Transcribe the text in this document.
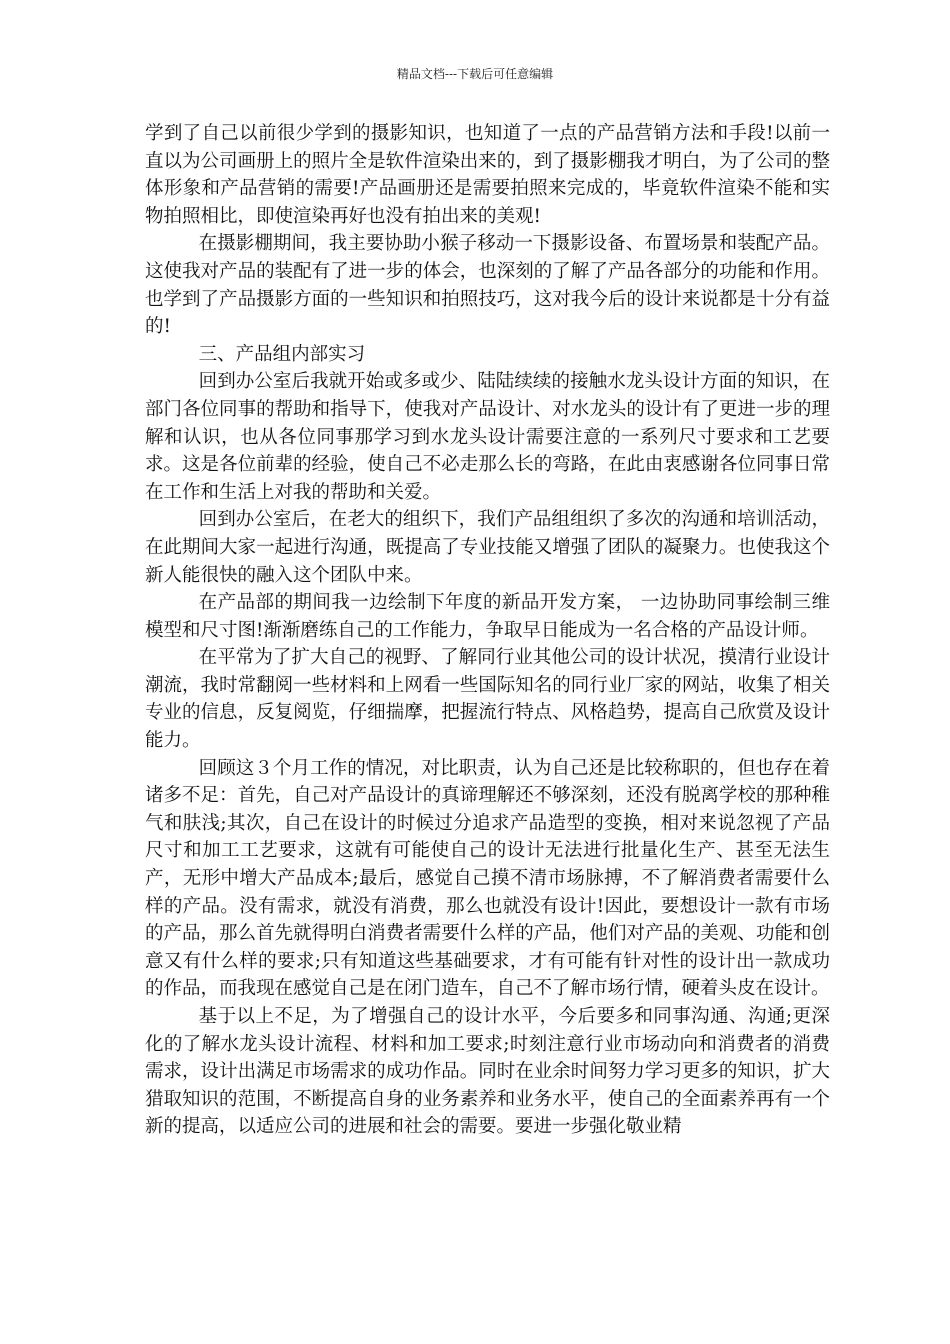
精品文档---下载后可任意编辑

学到了自己以前很少学到的摄影知识，也知道了一点的产品营销方法和手段!以前一直以为公司画册上的照片全是软件渲染出来的，到了摄影棚我才明白，为了公司的整体形象和产品营销的需要!产品画册还是需要拍照来完成的，毕竟软件渲染不能和实物拍照相比，即使渲染再好也没有拍出来的美观!

在摄影棚期间，我主要协助小猴子移动一下摄影设备、布置场景和装配产品。这使我对产品的装配有了进一步的体会，也深刻的了解了产品各部分的功能和作用。也学到了产品摄影方面的一些知识和拍照技巧，这对我今后的设计来说都是十分有益的!

三、产品组内部实习

回到办公室后我就开始或多或少、陆陆续续的接触水龙头设计方面的知识，在部门各位同事的帮助和指导下，使我对产品设计、对水龙头的设计有了更进一步的理解和认识，也从各位同事那学习到水龙头设计需要注意的一系列尺寸要求和工艺要求。这是各位前辈的经验，使自己不必走那么长的弯路，在此由衷感谢各位同事日常在工作和生活上对我的帮助和关爱。

回到办公室后，在老大的组织下，我们产品组组织了多次的沟通和培训活动，在此期间大家一起进行沟通，既提高了专业技能又增强了团队的凝聚力。也使我这个新人能很快的融入这个团队中来。

在产品部的期间我一边绘制下年度的新品开发方案， 一边协助同事绘制三维模型和尺寸图!渐渐磨练自己的工作能力，争取早日能成为一名合格的产品设计师。

在平常为了扩大自己的视野、了解同行业其他公司的设计状况，摸清行业设计潮流，我时常翻阅一些材料和上网看一些国际知名的同行业厂家的网站，收集了相关专业的信息，反复阅览，仔细揣摩，把握流行特点、风格趋势，提高自己欣赏及设计能力。

回顾这３个月工作的情况，对比职责，认为自己还是比较称职的，但也存在着诸多不足：首先，自己对产品设计的真谛理解还不够深刻，还没有脱离学校的那种稚气和肤浅;其次，自己在设计的时候过分追求产品造型的变换，相对来说忽视了产品尺寸和加工工艺要求，这就有可能使自己的设计无法进行批量化生产、甚至无法生产，无形中增大产品成本;最后，感觉自己摸不清市场脉搏，不了解消费者需要什么样的产品。没有需求，就没有消费，那么也就没有设计!因此，要想设计一款有市场的产品，那么首先就得明白消费者需要什么样的产品，他们对产品的美观、功能和创意又有什么样的要求;只有知道这些基础要求，才有可能有针对性的设计出一款成功的作品，而我现在感觉自己是在闭门造车，自己不了解市场行情，硬着头皮在设计。

基于以上不足，为了增强自己的设计水平，今后要多和同事沟通、沟通;更深化的了解水龙头设计流程、材料和加工要求;时刻注意行业市场动向和消费者的消费需求，设计出满足市场需求的成功作品。同时在业余时间努力学习更多的知识，扩大猎取知识的范围，不断提高自身的业务素养和业务水平，使自己的全面素养再有一个新的提高，以适应公司的进展和社会的需要。要进一步强化敬业精
